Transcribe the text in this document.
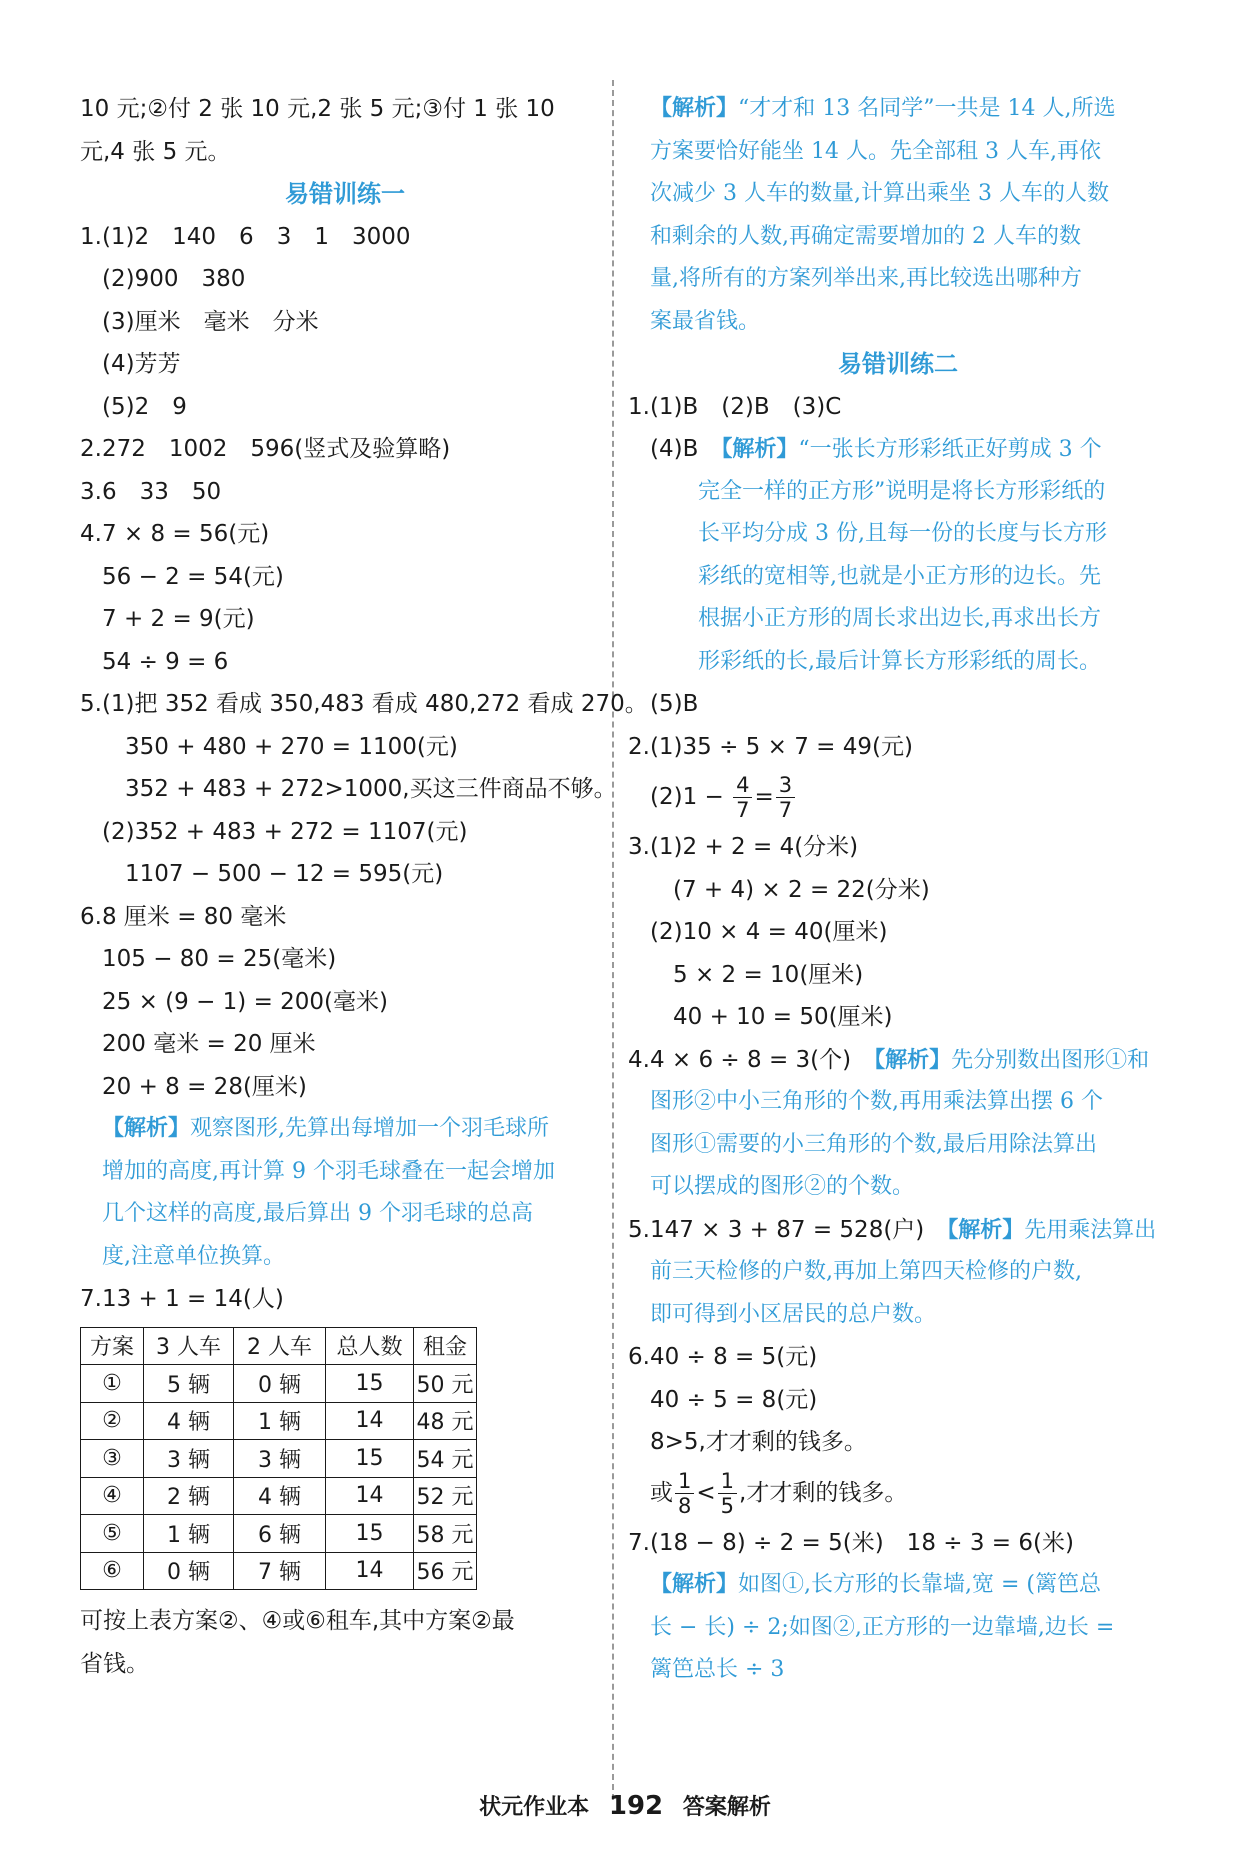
10 元;②付 2 张 10 元,2 张 5 元;③付 1 张 10
元,4 张 5 元。
易错训练一
1.(1)2　140　6　3　1　3000
(2)900　380
(3)厘米　毫米　分米
(4)芳芳
(5)2　9
2.272　1002　596(竖式及验算略)
3.6　33　50
4.7 × 8 = 56(元)
56 − 2 = 54(元)
7 + 2 = 9(元)
54 ÷ 9 = 6
5.(1)把 352 看成 350,483 看成 480,272 看成 270。
350 + 480 + 270 = 1100(元)
352 + 483 + 272>1000,买这三件商品不够。
(2)352 + 483 + 272 = 1107(元)
1107 − 500 − 12 = 595(元)
6.8 厘米 = 80 毫米
105 − 80 = 25(毫米)
25 × (9 − 1) = 200(毫米)
200 毫米 = 20 厘米
20 + 8 = 28(厘米)
【解析】观察图形,先算出每增加一个羽毛球所
增加的高度,再计算 9 个羽毛球叠在一起会增加
几个这样的高度,最后算出 9 个羽毛球的总高
度,注意单位换算。
7.13 + 1 = 14(人)
方案	3 人车	2 人车	总人数	租金
①	5 辆	0 辆	15	50 元
②	4 辆	1 辆	14	48 元
③	3 辆	3 辆	15	54 元
④	2 辆	4 辆	14	52 元
⑤	1 辆	6 辆	15	58 元
⑥	0 辆	7 辆	14	56 元
可按上表方案②、④或⑥租车,其中方案②最
省钱。
【解析】“才才和 13 名同学”一共是 14 人,所选
方案要恰好能坐 14 人。先全部租 3 人车,再依
次减少 3 人车的数量,计算出乘坐 3 人车的人数
和剩余的人数,再确定需要增加的 2 人车的数
量,将所有的方案列举出来,再比较选出哪种方
案最省钱。
易错训练二
1.(1)B　(2)B　(3)C
(4)B　 【解析】“一张长方形彩纸正好剪成 3 个
完全一样的正方形”说明是将长方形彩纸的
长平均分成 3 份,且每一份的长度与长方形
彩纸的宽相等,也就是小正方形的边长。先
根据小正方形的周长求出边长,再求出长方
形彩纸的长,最后计算长方形彩纸的周长。
(5)B
2.(1)35 ÷ 5 × 7 = 49(元)
$(2)1 - \frac{4}{7} = \frac{3}{7}$
3.(1)2 + 2 = 4(分米)
(7 + 4) × 2 = 22(分米)
(2)10 × 4 = 40(厘米)
5 × 2 = 10(厘米)
40 + 10 = 50(厘米)
4.4 × 6 ÷ 8 = 3(个)　 【解析】先分别数出图形①和
图形②中小三角形的个数,再用乘法算出摆 6 个
图形①需要的小三角形的个数,最后用除法算出
可以摆成的图形②的个数。
5.147 × 3 + 87 = 528(户)　 【解析】先用乘法算出
前三天检修的户数,再加上第四天检修的户数,
即可得到小区居民的总户数。
6.40 ÷ 8 = 5(元)
40 ÷ 5 = 8(元)
8>5,才才剩的钱多。
或 $\frac{1}{8} < \frac{1}{5}$ ,才才剩的钱多。
7.(18 − 8) ÷ 2 = 5(米)　18 ÷ 3 = 6(米)
【解析】如图①,长方形的长靠墙,宽 = (篱笆总
长 − 长) ÷ 2;如图②,正方形的一边靠墙,边长 =
篱笆总长 ÷ 3
状元作业本 192 答案解析
